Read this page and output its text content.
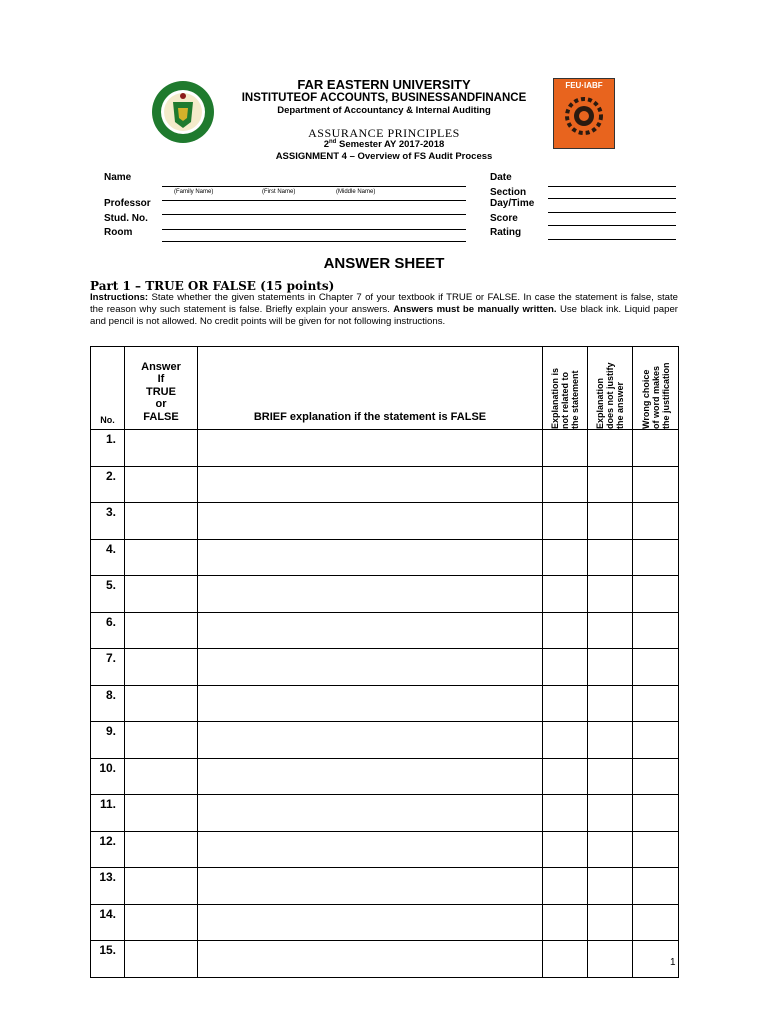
FEU·IABF
FAR EASTERN UNIVERSITY
INSTITUTEOF ACCOUNTS, BUSINESSANDFINANCE
Department of Accountancy & Internal Auditing
ASSURANCE PRINCIPLES
2nd Semester AY 2017-2018
ASSIGNMENT 4 – Overview of FS Audit Process
Name
(Family Name)	(First Name)	(Middle Name)
Professor
Stud. No.
Room
Date
Section
Day/Time
Score
Rating
ANSWER SHEET
Part 1 – TRUE OR FALSE (15 points)
Instructions: State whether the given statements in Chapter 7 of your textbook if TRUE or FALSE. In case the statement is false, state the reason why such statement is false. Briefly explain your answers. Answers must be manually written. Use black ink. Liquid paper and pencil is not allowed. No credit points will be given for not following instructions.
No.	Answer
If
TRUE
or
FALSE	BRIEF explanation if the statement is FALSE	Explanation is
not related to
the statement	Explanation
does not justify
the answer	Wrong choice
of word makes
the justification

1.					
2.					
3.					
4.					
5.					
6.					
7.					
8.					
9.					
10.					
11.					
12.					
13.					
14.					
15.					
1
